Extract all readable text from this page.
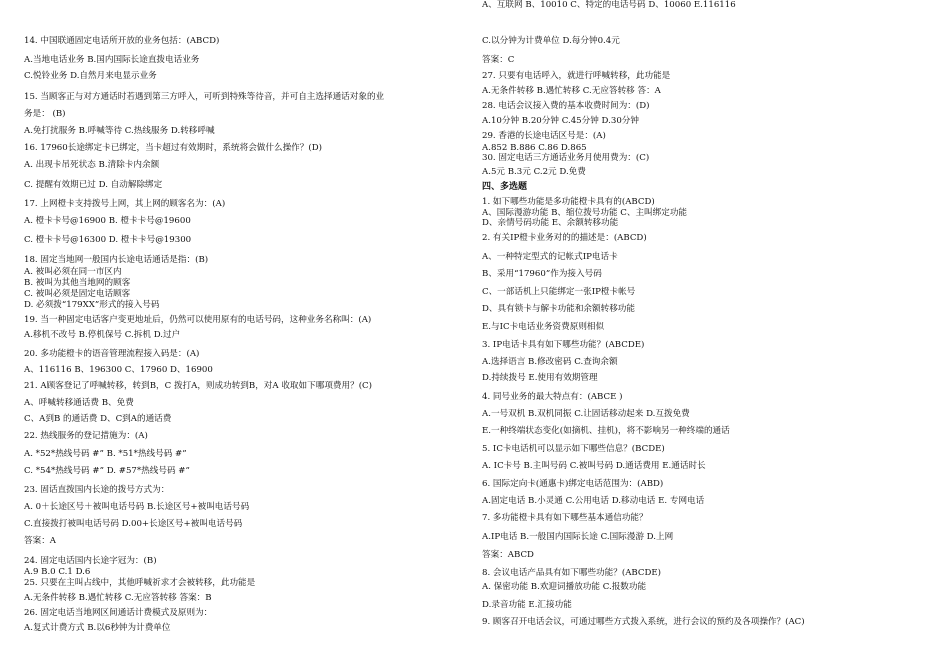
14. 中国联通固定电话所开放的业务包括：(ABCD)
A.当地电话业务 B.国内国际长途直拨电话业务
C.悦铃业务 D.自然月来电显示业务
15. 当顾客正与对方通话时若遇到第三方呼入，可听到特殊等待音，并可自主选择通话对象的业
务是： (B)
A.免打扰服务 B.呼喊等待 C.热线服务 D.转移呼喊
16. 17960长途绑定卡已绑定，当卡超过有效期时，系统将会做什么操作？(D)
A. 出现卡吊死状态 B.清除卡内余额
C. 提醒有效期已过 D. 自动解除绑定
17. 上网橙卡支持拨号上网，其上网的顾客名为：(A)
A. 橙卡卡号@16900 B. 橙卡卡号@19600
C. 橙卡卡号@16300 D. 橙卡卡号@19300
18. 固定当地网一般国内长途电话通话是指：(B)
A. 被叫必须在同一市区内
B. 被叫为其他当地网的顾客
C. 被叫必须是固定电话顾客
D. 必须拨“179XX”形式的接入号码
19. 当一种固定电话客户变更地址后，仍然可以使用原有的电话号码，这种业务名称叫：(A)
A.移机不改号 B.停机保号 C.拆机 D.过户
20. 多功能橙卡的语音管理流程接入码是：(A)
A、116116 B、196300 C、17960 D、16900
21. A顾客登记了呼喊转移，转到B，C 拨打A，则成功转到B，对A 收取如下哪项费用？(C)
A、呼喊转移通话费 B、免费
C、A到B 的通话费 D、C到A的通话费
22. 热线服务的登记措施为：(A)
A. *52*热线号码 #” B. *51*热线号码 #”
C. *54*热线号码 #” D. #57*热线号码 #”
23. 固话直拨国内长途的拨号方式为：
A. 0＋长途区号＋被叫电话号码 B.长途区号+被叫电话号码
C.直接拨打被叫电话号码 D.00+长途区号+被叫电话号码
答案：A
24. 固定电话国内长途字冠为：(B)
A.9 B.0 C.1 D.6
25. 只要在主叫占线中，其他呼喊祈求才会被转移，此功能是
A.无条件转移 B.遇忙转移 C.无应答转移 答案：B
26. 固定电话当地网区间通话计费模式及原则为：
A.复式计费方式 B.以6秒钟为计费单位
C.以分钟为计费单位 D.每分钟0.4元
答案：C
27. 只要有电话呼入，就进行呼喊转移，此功能是
A.无条件转移 B.遇忙转移 C.无应答转移 答：A
28. 电话会议接入费的基本收费时间为：(D)
A.10分钟 B.20分钟 C.45分钟 D.30分钟
29. 香港的长途电话区号是：(A)
A.852 B.886 C.86 D.865
30. 固定电话三方通话业务月使用费为：(C)
A.5元 B.3元 C.2元 D.免费
四、多选题
1. 如下哪些功能是多功能橙卡具有的(ABCD)
A、国际漫游功能 B、缩位拨号功能 C、主叫绑定功能
D、亲情号码功能 E、余额转移功能
2. 有关IP橙卡业务对的的描述是：(ABCD)
A、一种特定型式的记帐式IP电话卡
B、采用“17960”作为接入号码
C、一部话机上只能绑定一张IP橙卡帐号
D、具有锁卡与解卡功能和余额转移功能
E.与IC卡电话业务资费原则相似
3. IP电话卡具有如下哪些功能？(ABCDE)
A.选择语言 B.修改密码 C.查询余额
D.持续拨号 E.使用有效期管理
4. 同号业务的最大特点有：(ABCE )
A.一号双机 B.双机同振 C.让固话移动起来 D.互拨免费
E.一种终端状态变化(如摘机、挂机)，将不影响另一种终端的通话
5. IC卡电话机可以显示如下哪些信息？(BCDE)
A. IC卡号 B.主叫号码 C.被叫号码 D.通话费用 E.通话时长
6. 国际定向卡(通惠卡)绑定电话范围为：(ABD)
A.固定电话 B.小灵通 C.公用电话 D.移动电话 E. 专网电话
7. 多功能橙卡具有如下哪些基本通信功能？
A.IP电话 B.一般国内国际长途 C.国际漫游 D.上网
答案：ABCD
8. 会议电话产品具有如下哪些功能？(ABCDE)
A. 保密功能 B.欢迎词播放功能 C.报数功能
D.录音功能 E.汇接功能
9. 顾客召开电话会议，可通过哪些方式拨入系统，进行会议的预约及各项操作？(AC)
A、互联网 B、10010 C、特定的电话号码 D、10060 E.116116
